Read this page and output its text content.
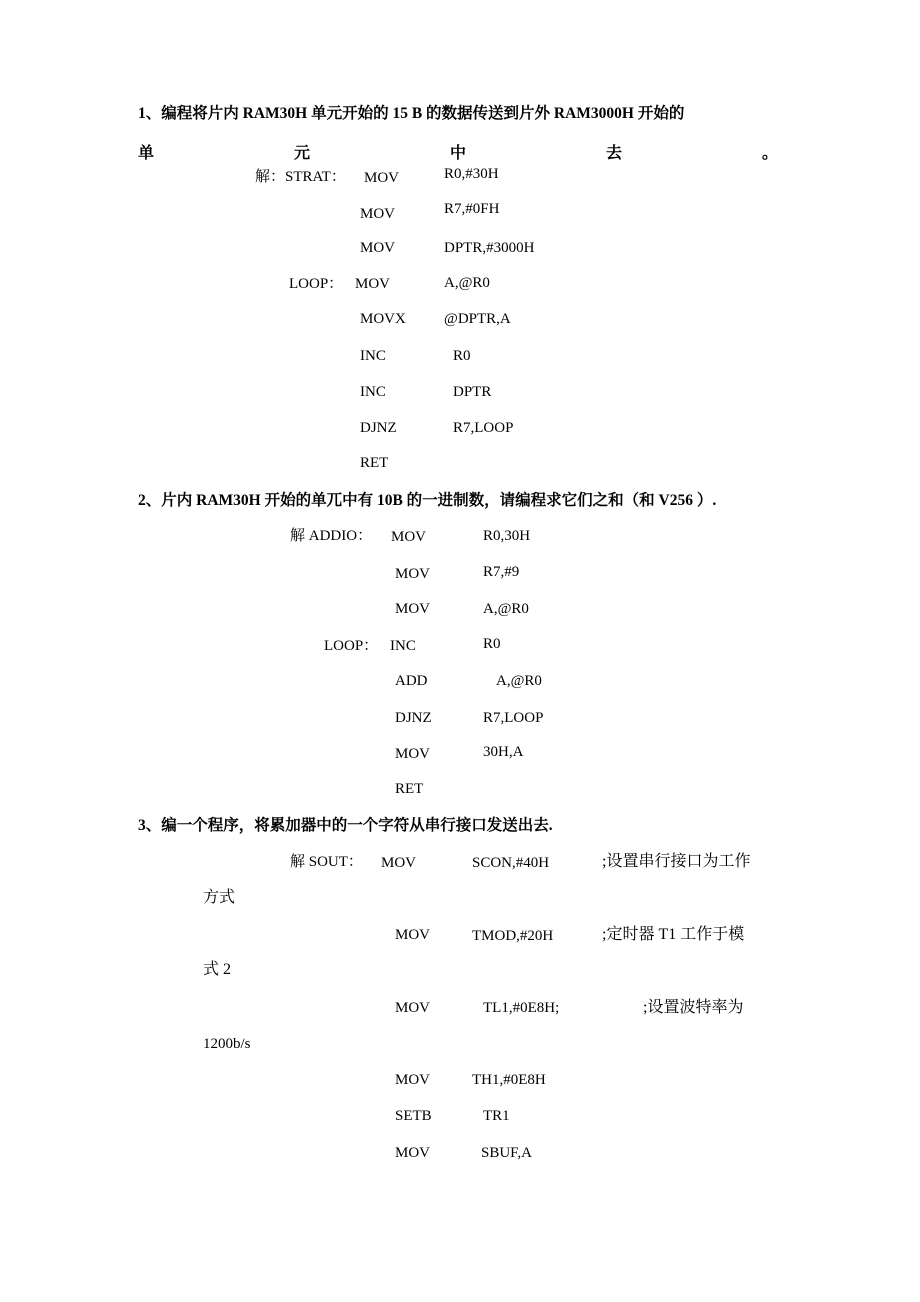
1、编程将片内 RAM30H 单元开始的 15 B 的数据传送到片外 RAM3000H 开始的
单	元	中	去	。
解：STRAT： MOV	R0,#30H
MOV	R7,#0FH
MOV	DPTR,#3000H
LOOP： MOV	A,@R0
MOVX	@DPTR,A
INC	R0
INC	DPTR
DJNZ	R7,LOOP
RET
2、片内 RAM30H 开始的单兀中有 10B 的一进制数，请编程求它们之和（和 V256 ）.
解 ADDIO： MOV	R0,30H
MOV	R7,#9
MOV	A,@R0
LOOP： INC	R0
ADD	A,@R0
DJNZ	R7,LOOP
MOV	30H,A
RET
3、编一个程序，将累加器中的一个字符从串行接口发送出去.
解 SOUT： MOV	SCON,#40H	;设置串行接口为工作
方式
MOV	TMOD,#20H	;定时器 T1 工作于模
式 2
MOV	TL1,#0E8H;	;设置波特率为
1200b/s
MOV	TH1,#0E8H
SETB	TR1
MOV	SBUF,A
